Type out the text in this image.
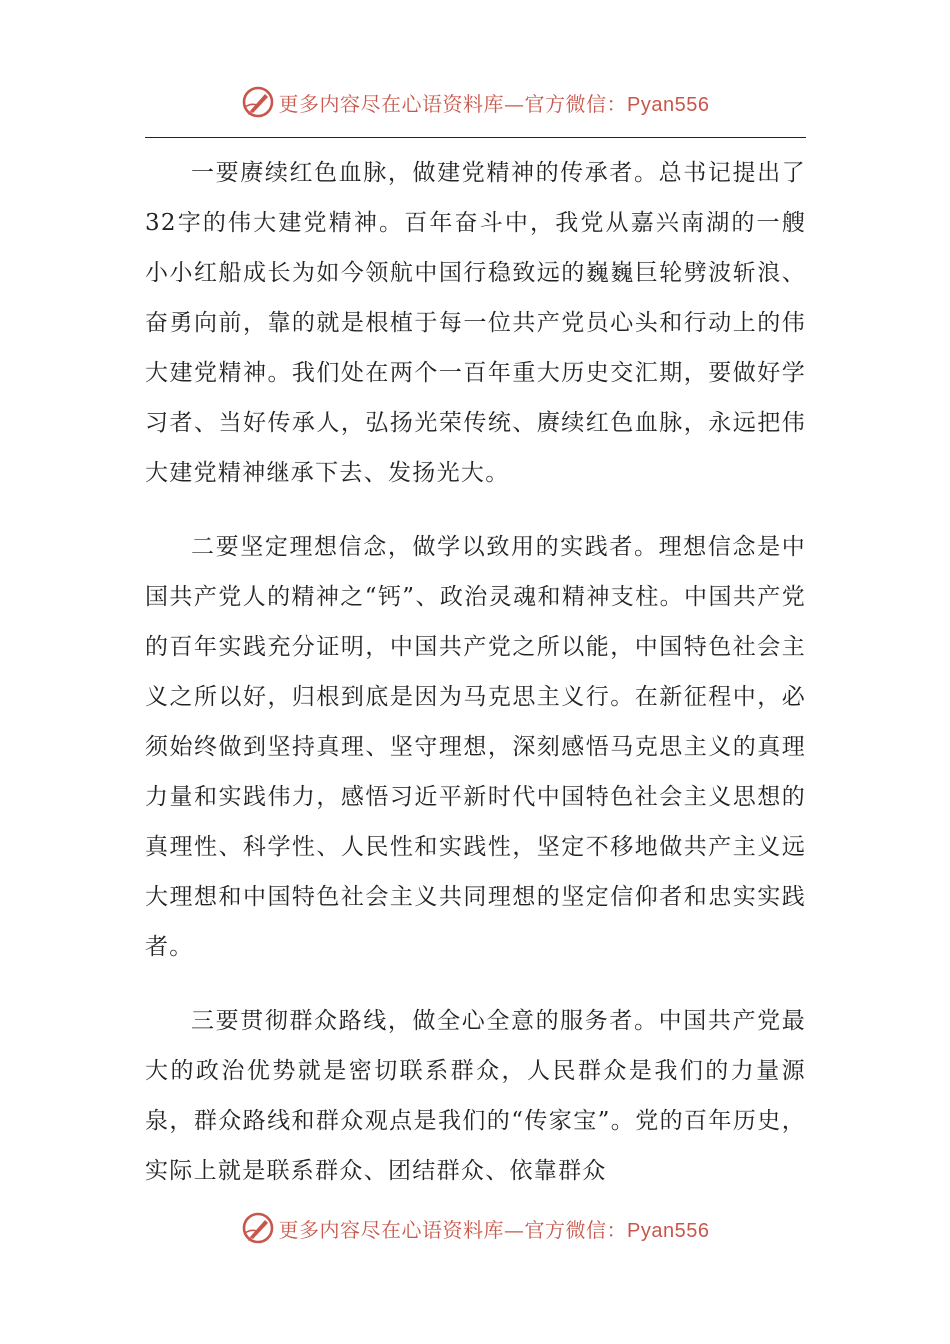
更多内容尽在心语资料库—官方微信：Pyan556

一要赓续红色血脉，做建党精神的传承者。总书记提出了32字的伟大建党精神。百年奋斗中，我党从嘉兴南湖的一艘小小红船成长为如今领航中国行稳致远的巍巍巨轮劈波斩浪、奋勇向前，靠的就是根植于每一位共产党员心头和行动上的伟大建党精神。我们处在两个一百年重大历史交汇期，要做好学习者、当好传承人，弘扬光荣传统、赓续红色血脉，永远把伟大建党精神继承下去、发扬光大。

二要坚定理想信念，做学以致用的实践者。理想信念是中国共产党人的精神之“钙”、政治灵魂和精神支柱。中国共产党的百年实践充分证明，中国共产党之所以能，中国特色社会主义之所以好，归根到底是因为马克思主义行。在新征程中，必须始终做到坚持真理、坚守理想，深刻感悟马克思主义的真理力量和实践伟力，感悟习近平新时代中国特色社会主义思想的真理性、科学性、人民性和实践性，坚定不移地做共产主义远大理想和中国特色社会主义共同理想的坚定信仰者和忠实实践者。

三要贯彻群众路线，做全心全意的服务者。中国共产党最大的政治优势就是密切联系群众，人民群众是我们的力量源泉，群众路线和群众观点是我们的“传家宝”。党的百年历史，实际上就是联系群众、团结群众、依靠群众

更多内容尽在心语资料库—官方微信：Pyan556
